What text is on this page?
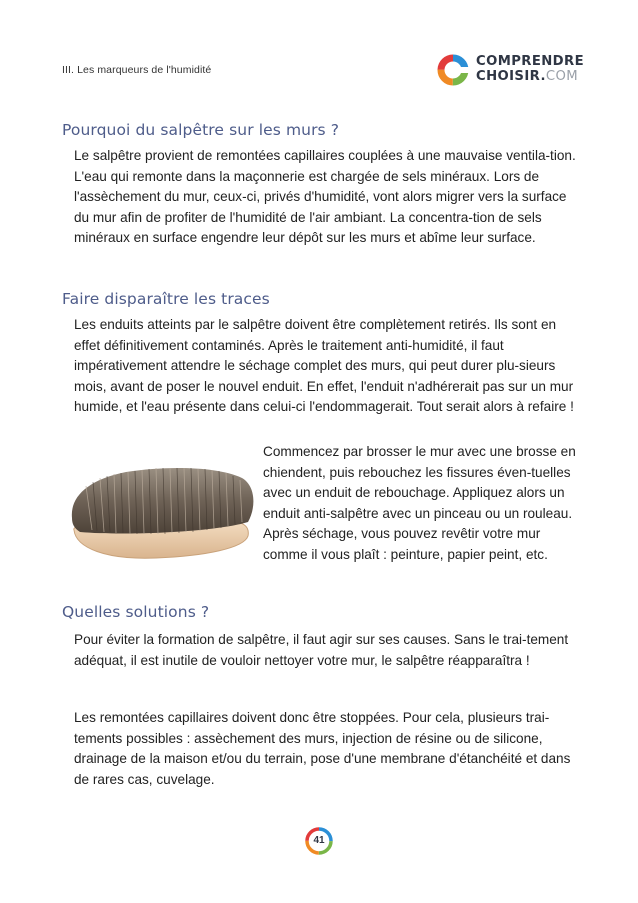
III. Les marqueurs de l'humidité
COMPRENDRE
CHOISIR.COM
Pourquoi du salpêtre sur les murs ?

Le salpêtre provient de remontées capillaires couplées à une mauvaise ventila-tion. L'eau qui remonte dans la maçonnerie est chargée de sels minéraux. Lors de l'assèchement du mur, ceux-ci, privés d'humidité, vont alors migrer vers la surface du mur afin de profiter de l'humidité de l'air ambiant. La concentra-tion de sels minéraux en surface engendre leur dépôt sur les murs et abîme leur surface.

Faire disparaître les traces

Les enduits atteints par le salpêtre doivent être complètement retirés. Ils sont en effet définitivement contaminés. Après le traitement anti-humidité, il faut impérativement attendre le séchage complet des murs, qui peut durer plu-sieurs mois, avant de poser le nouvel enduit. En effet, l'enduit n'adhérerait pas sur un mur humide, et l'eau présente dans celui-ci l'endommagerait. Tout serait alors à refaire !

Commencez par brosser le mur avec une brosse en chiendent, puis rebouchez les fissures éven-tuelles avec un enduit de rebouchage. Appliquez alors un enduit anti-salpêtre avec un pinceau ou un rouleau. Après séchage, vous pouvez revêtir votre mur comme il vous plaît : peinture, papier peint, etc.

Quelles solutions ?

Pour éviter la formation de salpêtre, il faut agir sur ses causes. Sans le trai-tement adéquat, il est inutile de vouloir nettoyer votre mur, le salpêtre réapparaîtra !

Les remontées capillaires doivent donc être stoppées. Pour cela, plusieurs trai-tements possibles : assèchement des murs, injection de résine ou de silicone, drainage de la maison et/ou du terrain, pose d'une membrane d'étanchéité et dans de rares cas, cuvelage.

41
